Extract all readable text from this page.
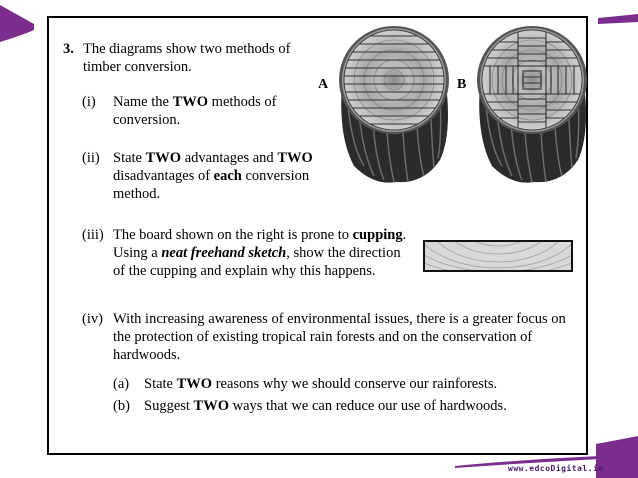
www.edcoDigital.ie
3. The diagrams show two methods of
timber conversion.
(i) Name the TWO methods of
conversion.
(ii) State TWO advantages and TWO
disadvantages of each conversion
method.
(iii) The board shown on the right is prone to cupping.
Using a neat freehand sketch, show the direction
of the cupping and explain why this happens.
(iv) With increasing awareness of environmental issues, there is a greater focus on
the protection of existing tropical rain forests and on the conservation of
hardwoods.
(a) State TWO reasons why we should conserve our rainforests.
(b) Suggest TWO ways that we can reduce our use of hardwoods.
A	B
